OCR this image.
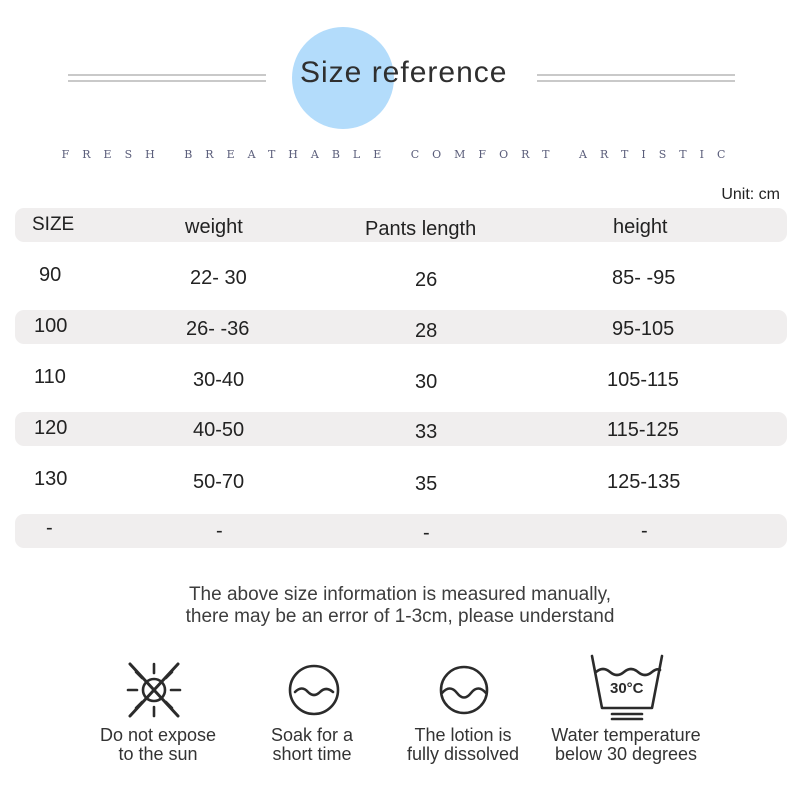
Size reference
FRESH BREATHABLE COMFORT ARTISTIC
Unit: cm
SIZE	weight	Pants length	height
90	22- 30	26	85- -95
100	26- -36	28	95-105
110	30-40	30	105-115
120	40-50	33	115-125
130	50-70	35	125-135
-	-	-	-
The above size information is measured manually,
there may be an error of 1-3cm, please understand
30°C
Do not expose
to the sun
Soak for a
short time
The lotion is
fully dissolved
Water temperature
below 30 degrees
